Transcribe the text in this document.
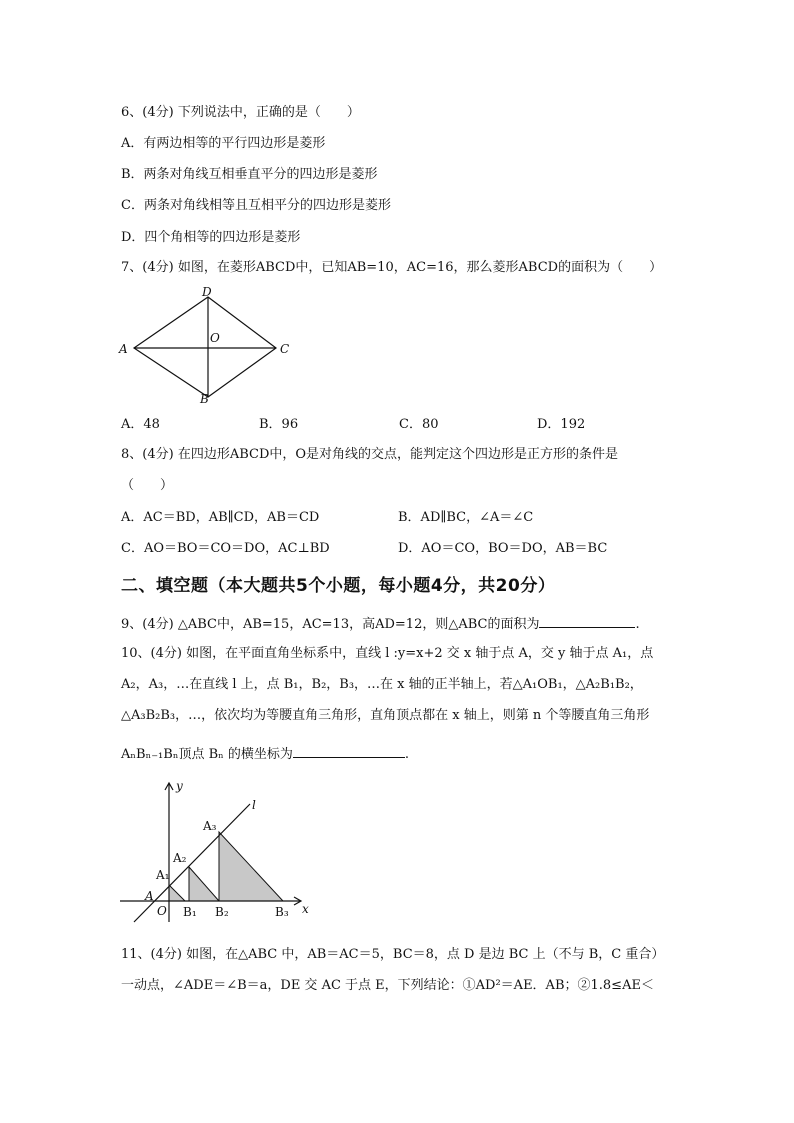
6、(4分) 下列说法中，正确的是（　　）
A．有两边相等的平行四边形是菱形
B．两条对角线互相垂直平分的四边形是菱形
C．两条对角线相等且互相平分的四边形是菱形
D．四个角相等的四边形是菱形
7、(4分) 如图，在菱形ABCD中，已知AB=10，AC=16，那么菱形ABCD的面积为（　　）
A
D
C
B
O
A．48	B．96	C．80	D．192
8、(4分) 在四边形ABCD中，O是对角线的交点，能判定这个四边形是正方形的条件是
（　　）
A．AC＝BD，AB∥CD，AB＝CD	B．AD∥BC，∠A＝∠C
C．AO＝BO＝CO＝DO，AC⊥BD	D．AO＝CO，BO＝DO，AB＝BC
二、填空题（本大题共5个小题，每小题4分，共20分）
9、(4分) △ABC中，AB=15，AC=13，高AD=12，则△ABC的面积为	.
10、(4分) 如图，在平面直角坐标系中，直线 l :y=x+2 交 x 轴于点 A，交 y 轴于点 A₁，点
A₂，A₃，…在直线 l 上，点 B₁，B₂，B₃，…在 x 轴的正半轴上，若△A₁OB₁，△A₂B₁B₂，
△A₃B₂B₃，…，依次均为等腰直角三角形，直角顶点都在 x 轴上，则第 n 个等腰直角三角形
AₙBₙ₋₁Bₙ顶点 Bₙ 的横坐标为	.
y
x
l
O
A
A₁
A₂
A₃
B₁ B₂	B₃
11、(4分) 如图，在△ABC 中，AB＝AC＝5，BC＝8，点 D 是边 BC 上（不与 B，C 重合）
一动点，∠ADE＝∠B＝a，DE 交 AC 于点 E，下列结论：①AD²＝AE．AB；②1.8≤AE＜
